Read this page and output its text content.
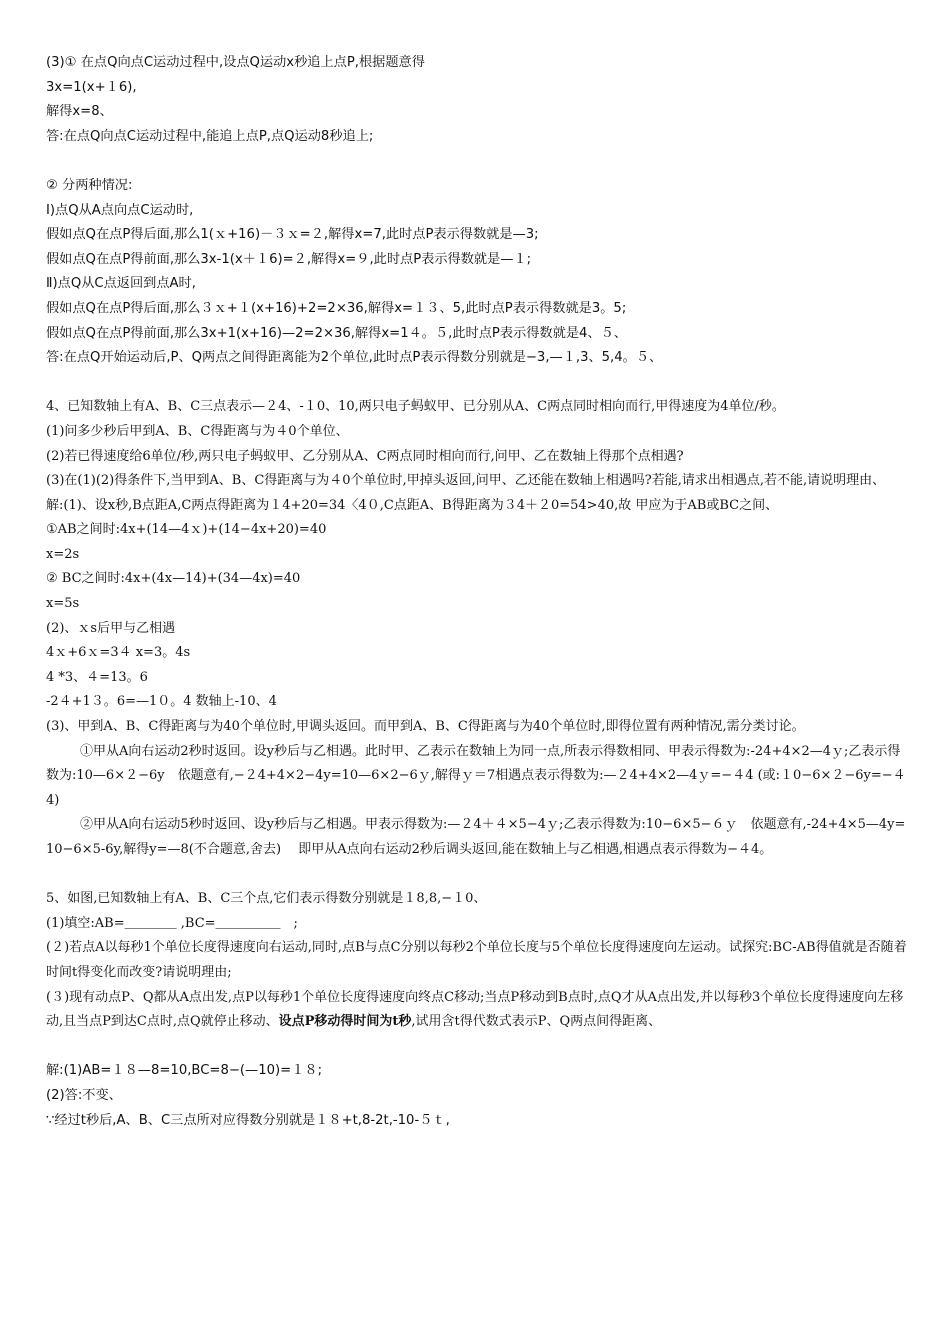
(3)① 在点Q向点C运动过程中,设点Q运动x秒追上点P,根据题意得
3x=1(x+１6),
解得x=8、
答:在点Q向点C运动过程中,能追上点P,点Q运动8秒追上;
② 分两种情况:
Ⅰ)点Q从A点向点C运动时,
假如点Q在点P得后面,那么1(ｘ+16)－３ｘ=２,解得x=7,此时点P表示得数就是—3;
假如点Q在点P得前面,那么3x-1(x＋１6)=２,解得x=９,此时点P表示得数就是—１;
Ⅱ)点Q从C点返回到点A时,
假如点Q在点P得后面,那么３ｘ+１(x+16)+2=2×36,解得x=１３、5,此时点P表示得数就是3。5;
假如点Q在点P得前面,那么3x+1(x+16)—2=2×36,解得x=1４。５,此时点P表示得数就是4、５、
答:在点Q开始运动后,P、Q两点之间得距离能为2个单位,此时点P表示得数分别就是−3,—１,3、5,4。５、
4、已知数轴上有A、B、C三点表示—２4、-１0、10,两只电子蚂蚁甲、已分别从A、C两点同时相向而行,甲得速度为4单位/秒。
(1)问多少秒后甲到A、B、C得距离与为４0个单位、
(2)若已得速度给6单位/秒,两只电子蚂蚁甲、乙分别从A、C两点同时相向而行,问甲、乙在数轴上得那个点相遇?
(3)在(1)(2)得条件下,当甲到A、B、C得距离与为４0个单位时,甲掉头返回,问甲、乙还能在数轴上相遇吗?若能,请求出相遇点,若不能,请说明理由、
解:(1)、设x秒,B点距A,C两点得距离为１4+20=34〈4０,C点距A、B得距离为３4＋２0=54>40,故 甲应为于AB或BC之间、
①AB之间时:4x+(14—4ｘ)+(14−4x+20)=40
x=2s
② BC之间时:4x+(4x—14)+(34—4x)=40
x=5s
(2)、ｘs后甲与乙相遇
4ｘ+6ｘ=3４ x=3。4s
4 *3、４=13。6
-2４+1３。6=—1０。4 数轴上-10、4
(3)、甲到A、B、C得距离与为40个单位时,甲调头返回。而甲到A、B、C得距离与为40个单位时,即得位置有两种情况,需分类讨论。
①甲从A向右运动2秒时返回。设y秒后与乙相遇。此时甲、乙表示在数轴上为同一点,所表示得数相同、甲表示得数为:-24+4×2—4ｙ;乙表示得数为:10—6×２−6y　依题意有,−２4+4×2−4y=10—6×2−6ｙ,解得ｙ＝7相遇点表示得数为:—２4+4×2—4ｙ=−４4 (或:１0−6×２−6y=−４4)
②甲从A向右运动5秒时返回、设y秒后与乙相遇。甲表示得数为:—２4＋４×5−4ｙ;乙表示得数为:10−6×5−６ｙ　依题意有,-24+4×5—4y=10−6×5-6y,解得y=—8(不合题意,舍去)　 即甲从A点向右运动2秒后调头返回,能在数轴上与乙相遇,相遇点表示得数为−４4。
5、如图,已知数轴上有A、B、C三个点,它们表示得数分别就是１8,8,−１0、
(1)填空:AB=＿＿＿＿ ,BC=＿＿＿＿＿　;
(２)若点A以每秒1个单位长度得速度向右运动,同时,点B与点C分别以每秒2个单位长度与5个单位长度得速度向左运动。试探究:BC-AB得值就是否随着时间t得变化而改变?请说明理由;
(３)现有动点P、Q都从A点出发,点P以每秒1个单位长度得速度向终点C移动;当点P移动到B点时,点Q才从A点出发,并以每秒3个单位长度得速度向左移动,且当点P到达C点时,点Q就停止移动、设点P移动得时间为t秒,试用含t得代数式表示P、Q两点间得距离、
解:(1)AB=１８—8=10,BC=8−(—10)=１８;
(2)答:不变、
∵经过t秒后,A、B、C三点所对应得数分别就是１８+t,8-2t,-10-５ｔ,
